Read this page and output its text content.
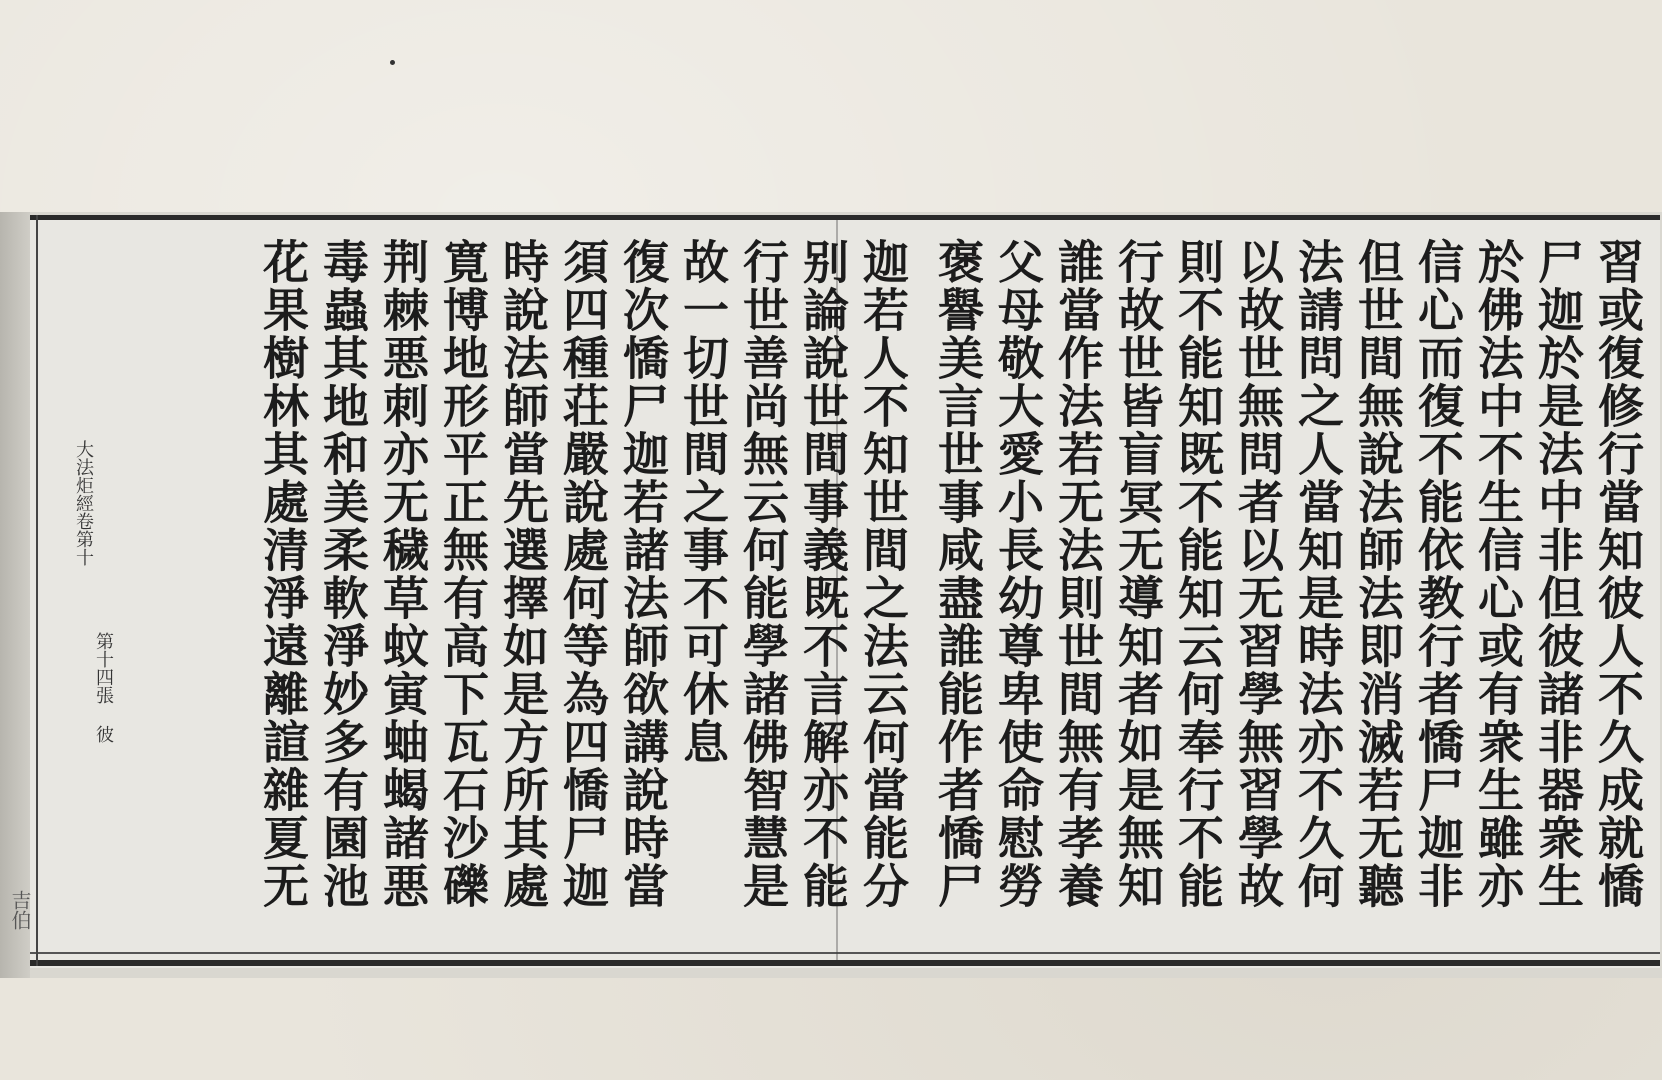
習或復修行當知彼人不久成就憍

尸迦於是法中非但彼諸非器衆生

於佛法中不生信心或有衆生雖亦

信心而復不能依教行者憍尸迦非

但世間無說法師法即消滅若无聽

法請問之人當知是時法亦不久何

以故世無問者以无習學無習學故

則不能知既不能知云何奉行不能

行故世皆盲冥无導知者如是無知

誰當作法若无法則世間無有孝養

父母敬大愛小長幼尊卑使命慰勞

褒譽美言世事咸盡誰能作者憍尸

迦若人不知世間之法云何當能分

别論說世間事義既不言解亦不能

行世善尚無云何能學諸佛智慧是

故一切世間之事不可休息

復次憍尸迦若諸法師欲講說時當

須四種荘嚴說處何等為四憍尸迦

時說法師當先選擇如是方所其處

寛博地形平正無有高下瓦石沙礫

荆棘悪刺亦无穢草蚊寅蚰蝎諸悪

毒蟲其地和美柔軟淨妙多有園池

花果樹林其處清淨遠離諠雜夏无

大法炬經卷第十
第十四張 彼
吉伯
